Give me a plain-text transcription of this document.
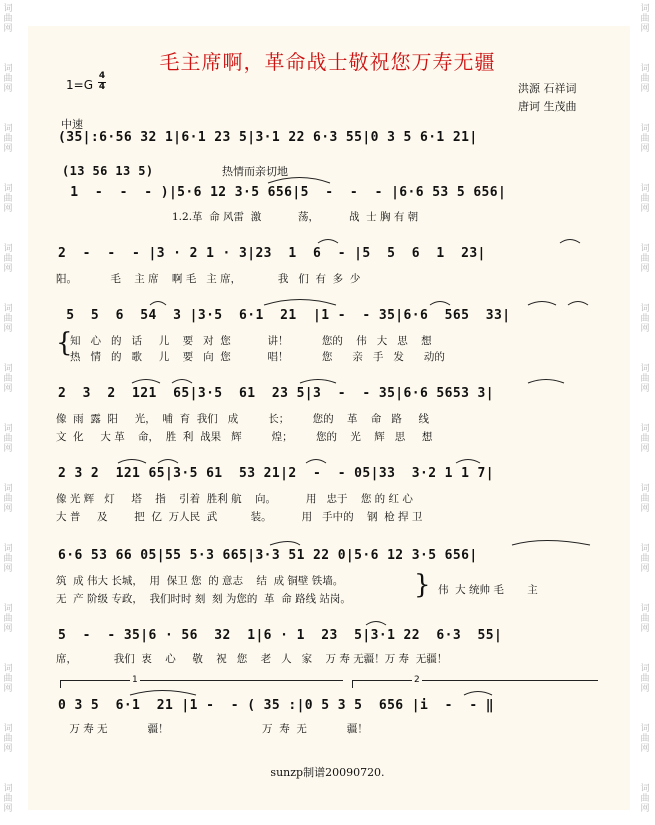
词
曲
网
词
曲
网
词
曲
网
词
曲
网
词
曲
网
词
曲
网
词
曲
网
词
曲
网
词
曲
网
词
曲
网
词
曲
网
词
曲
网
词
曲
网
词
曲
网
词
曲
网
词
曲
网
词
曲
网
词
曲
网
词
曲
网
词
曲
网
词
曲
网
词
曲
网
词
曲
网
词
曲
网
词
曲
网
词
曲
网
词
曲
网
词
曲
网
毛主席啊，革命战士敬祝您万寿无疆
1=G
4
4	洪源 石祥词
唐诃 生茂曲
中速
热情而亲切地
(35|:6·56 32 1|6·1 23 5|3·1 22 6·3 55|0 3 5 6·1 21|
(13 56 13 5)
1  -  -  - )|5·6 12 3·5 656|5  -  -  - |6·6 53 5 656|
1.2.革  命 风雷  激           荡，         战  士 胸 有 朝
2  -  -  - |3 · 2 1 · 3|23  1  6  - |5  5  6  1  23|
阳。          毛    主 席    啊 毛   主 席，           我   们  有  多  少
5  5  6  54  3 |3·5  6·1  21  |1 -  - 35|6·6  565  33|
{
知   心   的   话     儿    要   对  您           讲！          您的    伟   大   思    想
热   情   的   歌     儿    要   向  您           唱！          您      亲   手   发      动的
2  3  2  121  65|3·5  61  23 5|3  -  - 35|6·6 5653 3|
像  雨  露  阳     光，  哺  育  我们   成         长；       您的    革    命   路     线
文  化     大 革    命，  胜  利  战果   辉         煌；       您的    光    辉   思     想
2 3 2  121 65|3·5 61  53 21|2  -  - 05|33  3·2 1 1 7|
像 光 辉   灯     塔    指    引着  胜利 航    向。         用   忠于    您 的 红 心
大 普     及        把  亿  万人民  武          装。         用   手中的    钢  枪 捍 卫
6·6 53 66 05|55 5·3 665|3·3 51 22 0|5·6 12 3·5 656|
筑  成 伟大 长城，  用  保卫 您  的 意志    结  成 铜壁 铁墙。
无  产 阶级 专政，  我们时时 刻  刻 为您的  革  命 路线 站岗。 } 伟  大 统帅 毛       主
5  -  - 35|6 · 56  32  1|6 · 1  23  5|3·1 22  6·3  55|
席，           我们  衷    心     敬    祝   您    老   人   家    万 寿 无疆！万 寿  无疆！
1	2
0 3 5  6·1  21 |1 -  - ( 35 :|0 5 3 5  656 |i  -  - ‖
万 寿 无            疆！                            万  寿  无            疆！
sunzp制谱20090720.
